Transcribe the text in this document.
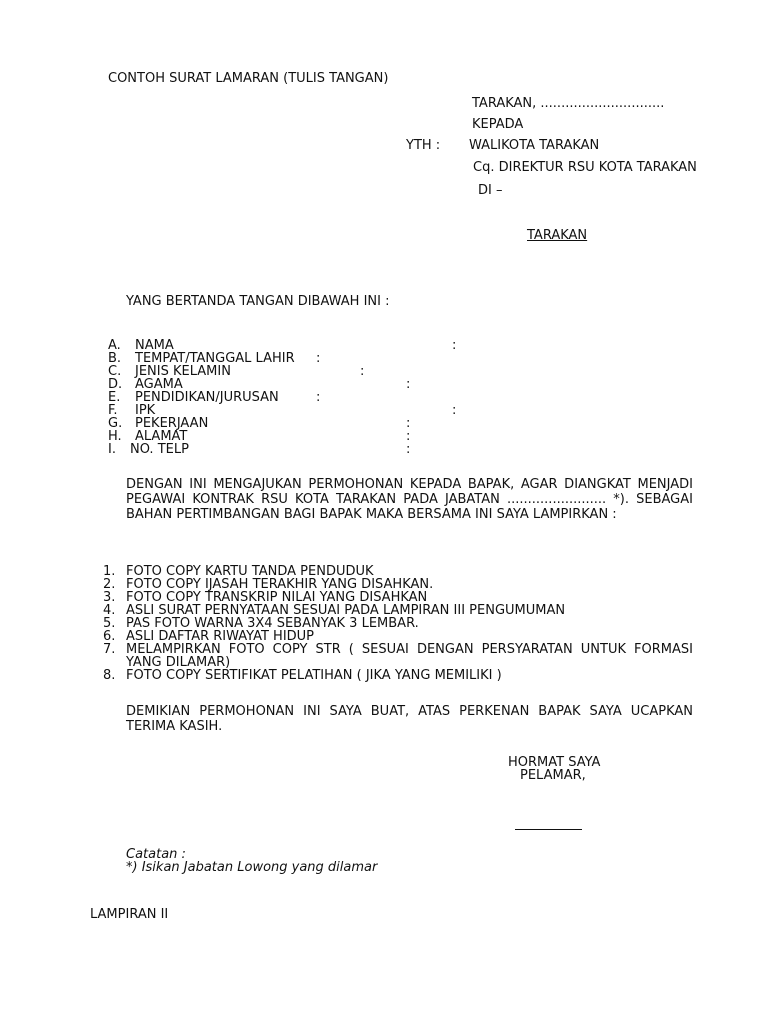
CONTOH SURAT LAMARAN (TULIS TANGAN)
TARAKAN, ..............................
KEPADA
YTH : WALIKOTA TARAKAN
Cq. DIREKTUR RSU KOTA TARAKAN
DI –
TARAKAN
YANG BERTANDA TANGAN DIBAWAH INI :
A. NAMA	:
B. TEMPAT/TANGGAL LAHIR :
C. JENIS KELAMIN	:
D. AGAMA	:
E. PENDIDIKAN/JURUSAN	:
F. IPK	:
G. PEKERJAAN	:
H. ALAMAT	:
I. NO. TELP	:
DENGAN INI MENGAJUKAN PERMOHONAN KEPADA BAPAK, AGAR DIANGKAT MENJADI PEGAWAI KONTRAK RSU KOTA TARAKAN PADA JABATAN ........................ *). SEBAGAI BAHAN PERTIMBANGAN BAGI BAPAK MAKA BERSAMA INI SAYA LAMPIRKAN :
1. FOTO COPY KARTU TANDA PENDUDUK
2. FOTO COPY IJASAH TERAKHIR YANG DISAHKAN.
3. FOTO COPY TRANSKRIP NILAI YANG DISAHKAN
4. ASLI SURAT PERNYATAAN SESUAI PADA LAMPIRAN III PENGUMUMAN
5. PAS FOTO WARNA 3X4 SEBANYAK 3 LEMBAR.
6. ASLI DAFTAR RIWAYAT HIDUP
7. MELAMPIRKAN FOTO COPY STR ( SESUAI DENGAN PERSYARATAN UNTUK FORMASI YANG DILAMAR)
8. FOTO COPY SERTIFIKAT PELATIHAN ( JIKA YANG MEMILIKI )
DEMIKIAN PERMOHONAN INI SAYA BUAT, ATAS PERKENAN BAPAK SAYA UCAPKAN TERIMA KASIH.
HORMAT SAYA
PELAMAR,
Catatan :
*) Isikan Jabatan Lowong yang dilamar
LAMPIRAN II
